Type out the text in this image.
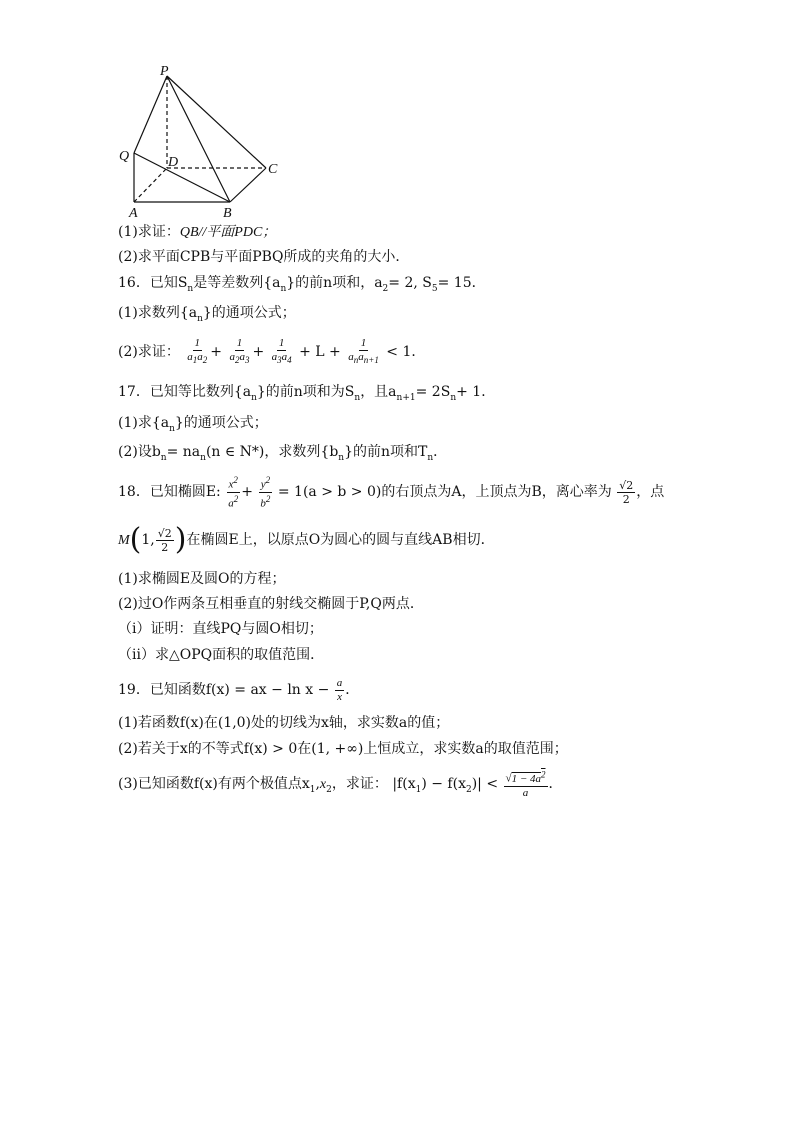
P
Q	D	C
A	B
(1)求证：QB//平面PDC；
(2)求平面CPB与平面PBQ所成的夹角的大小．
16．已知$S_n$是等差数列$\{a_n\}$的前n项和，$a_2= 2$, $S_5= 15$．
(1)求数列$\{a_n\}$的通项公式；
(2)求证： $\frac{1}{a_1a_2} + \frac{1}{a_2a_3} + \frac{1}{a_3a_4} + L + \frac{1}{a_na_{n+1}} < 1$．
17．已知等比数列$\{a_n\}$的前n项和为$S_n$，且$a_{n+1}= 2S_n+ 1$．
(1)求$\{a_n\}$的通项公式；
(2)设$b_n= na_n(n$ ∈ N*)，求数列$\{b_n\}$的前n项和$T_n$．
18．已知椭圆E: $\frac{x^2}{a^2} + \frac{y^2}{b^2} = 1(a > b > 0)$的右顶点为A，上顶点为B，离心率为 $\frac{√2}{2}$ ，点
M(1, $\frac{√2}{2}$ )在椭圆E上，以原点O为圆心的圆与直线AB相切．
(1)求椭圆E及圆O的方程；
(2)过O作两条互相垂直的射线交椭圆于P,Q两点．
（i）证明：直线PQ与圆O相切；
（ii）求△OPQ面积的取值范围．
19．已知函数f(x) = ax − $\ln x - \frac{a}{x}$ ．
(1)若函数f(x)在(1,0)处的切线为x轴，求实数a的值；
(2)若关于x的不等式f(x) > 0在(1, +∞)上恒成立，求实数a的取值范围；
(3)已知函数f(x)有两个极值点$x_1,x_2$，求证： $|f(x_1) - f(x_2)| < \frac{√1 - 4a^2}{a}$ ．
